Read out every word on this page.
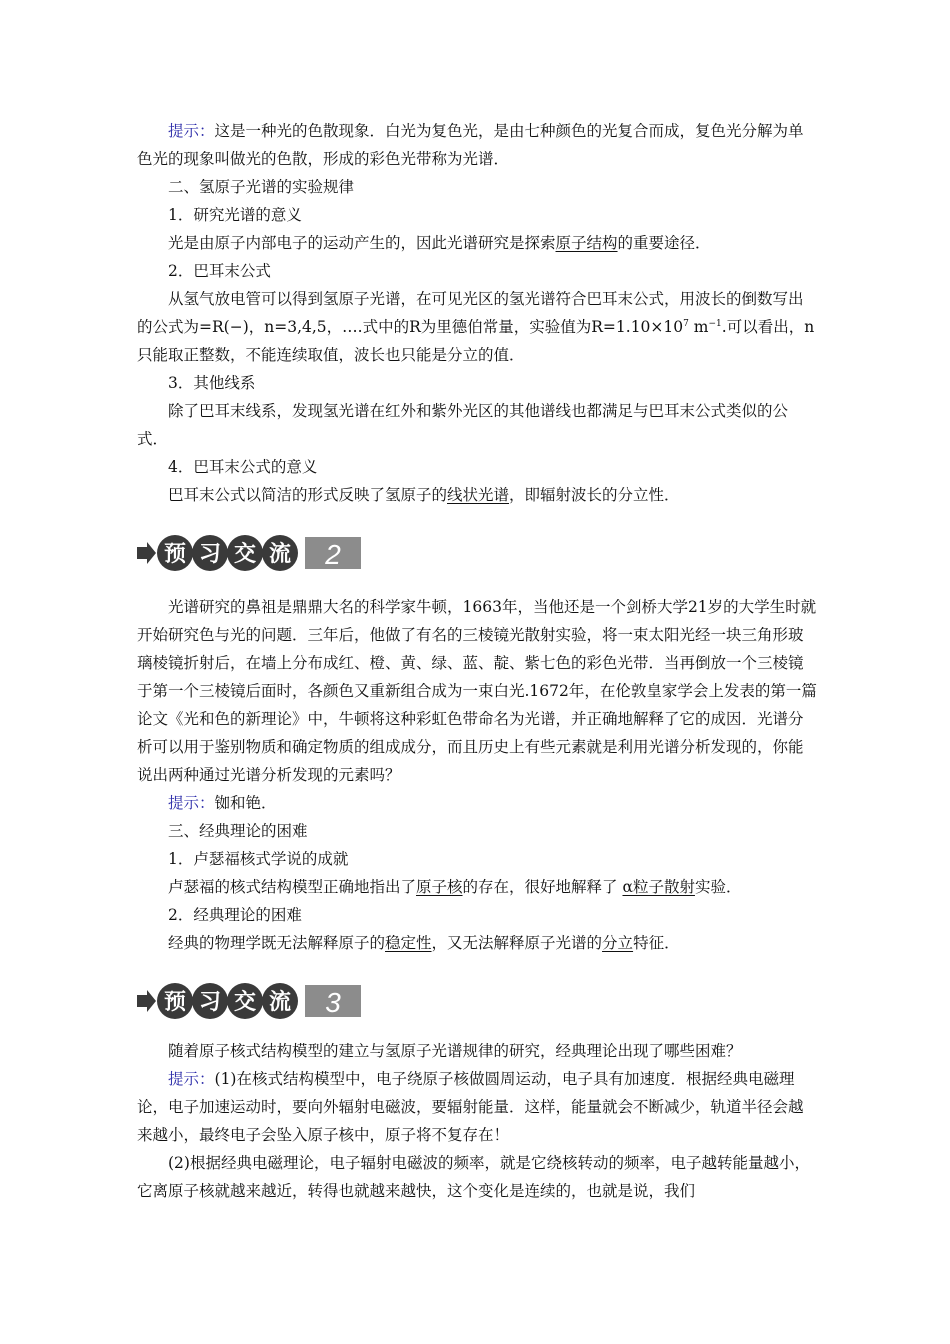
提示：这是一种光的色散现象．白光为复色光，是由七种颜色的光复合而成，复色光分解为单色光的现象叫做光的色散，形成的彩色光带称为光谱．

二、氢原子光谱的实验规律

1．研究光谱的意义

光是由原子内部电子的运动产生的，因此光谱研究是探索原子结构的重要途径．

2．巴耳末公式

从氢气放电管可以得到氢原子光谱，在可见光区的氢光谱符合巴耳末公式，用波长的倒数写出的公式为=R(−)，n=3,4,5，….式中的R为里德伯常量，实验值为$R=1.10\times 10^7$ $m^{-1}$.可以看出，n只能取正整数，不能连续取值，波长也只能是分立的值．

3．其他线系

除了巴耳末线系，发现氢光谱在红外和紫外光区的其他谱线也都满足与巴耳末公式类似的公式．

4．巴耳末公式的意义

巴耳末公式以简洁的形式反映了氢原子的线状光谱，即辐射波长的分立性．

预 习 交 流 2

光谱研究的鼻祖是鼎鼎大名的科学家牛顿，1663年，当他还是一个剑桥大学21岁的大学生时就开始研究色与光的问题．三年后，他做了有名的三棱镜光散射实验，将一束太阳光经一块三角形玻璃棱镜折射后，在墙上分布成红、橙、黄、绿、蓝、靛、紫七色的彩色光带．当再倒放一个三棱镜于第一个三棱镜后面时，各颜色又重新组合成为一束白光.1672年，在伦敦皇家学会上发表的第一篇论文《光和色的新理论》中，牛顿将这种彩虹色带命名为光谱，并正确地解释了它的成因．光谱分析可以用于鉴别物质和确定物质的组成成分，而且历史上有些元素就是利用光谱分析发现的，你能说出两种通过光谱分析发现的元素吗？

提示：铷和铯．

三、经典理论的困难

1．卢瑟福核式学说的成就

卢瑟福的核式结构模型正确地指出了原子核的存在，很好地解释了 α粒子散射实验．

2．经典理论的困难

经典的物理学既无法解释原子的稳定性，又无法解释原子光谱的分立特征．

预 习 交 流 3

随着原子核式结构模型的建立与氢原子光谱规律的研究，经典理论出现了哪些困难？

提示：(1)在核式结构模型中，电子绕原子核做圆周运动，电子具有加速度．根据经典电磁理论，电子加速运动时，要向外辐射电磁波，要辐射能量．这样，能量就会不断减少，轨道半径会越来越小，最终电子会坠入原子核中，原子将不复存在！

(2)根据经典电磁理论，电子辐射电磁波的频率，就是它绕核转动的频率，电子越转能量越小，它离原子核就越来越近，转得也就越来越快，这个变化是连续的，也就是说，我们
